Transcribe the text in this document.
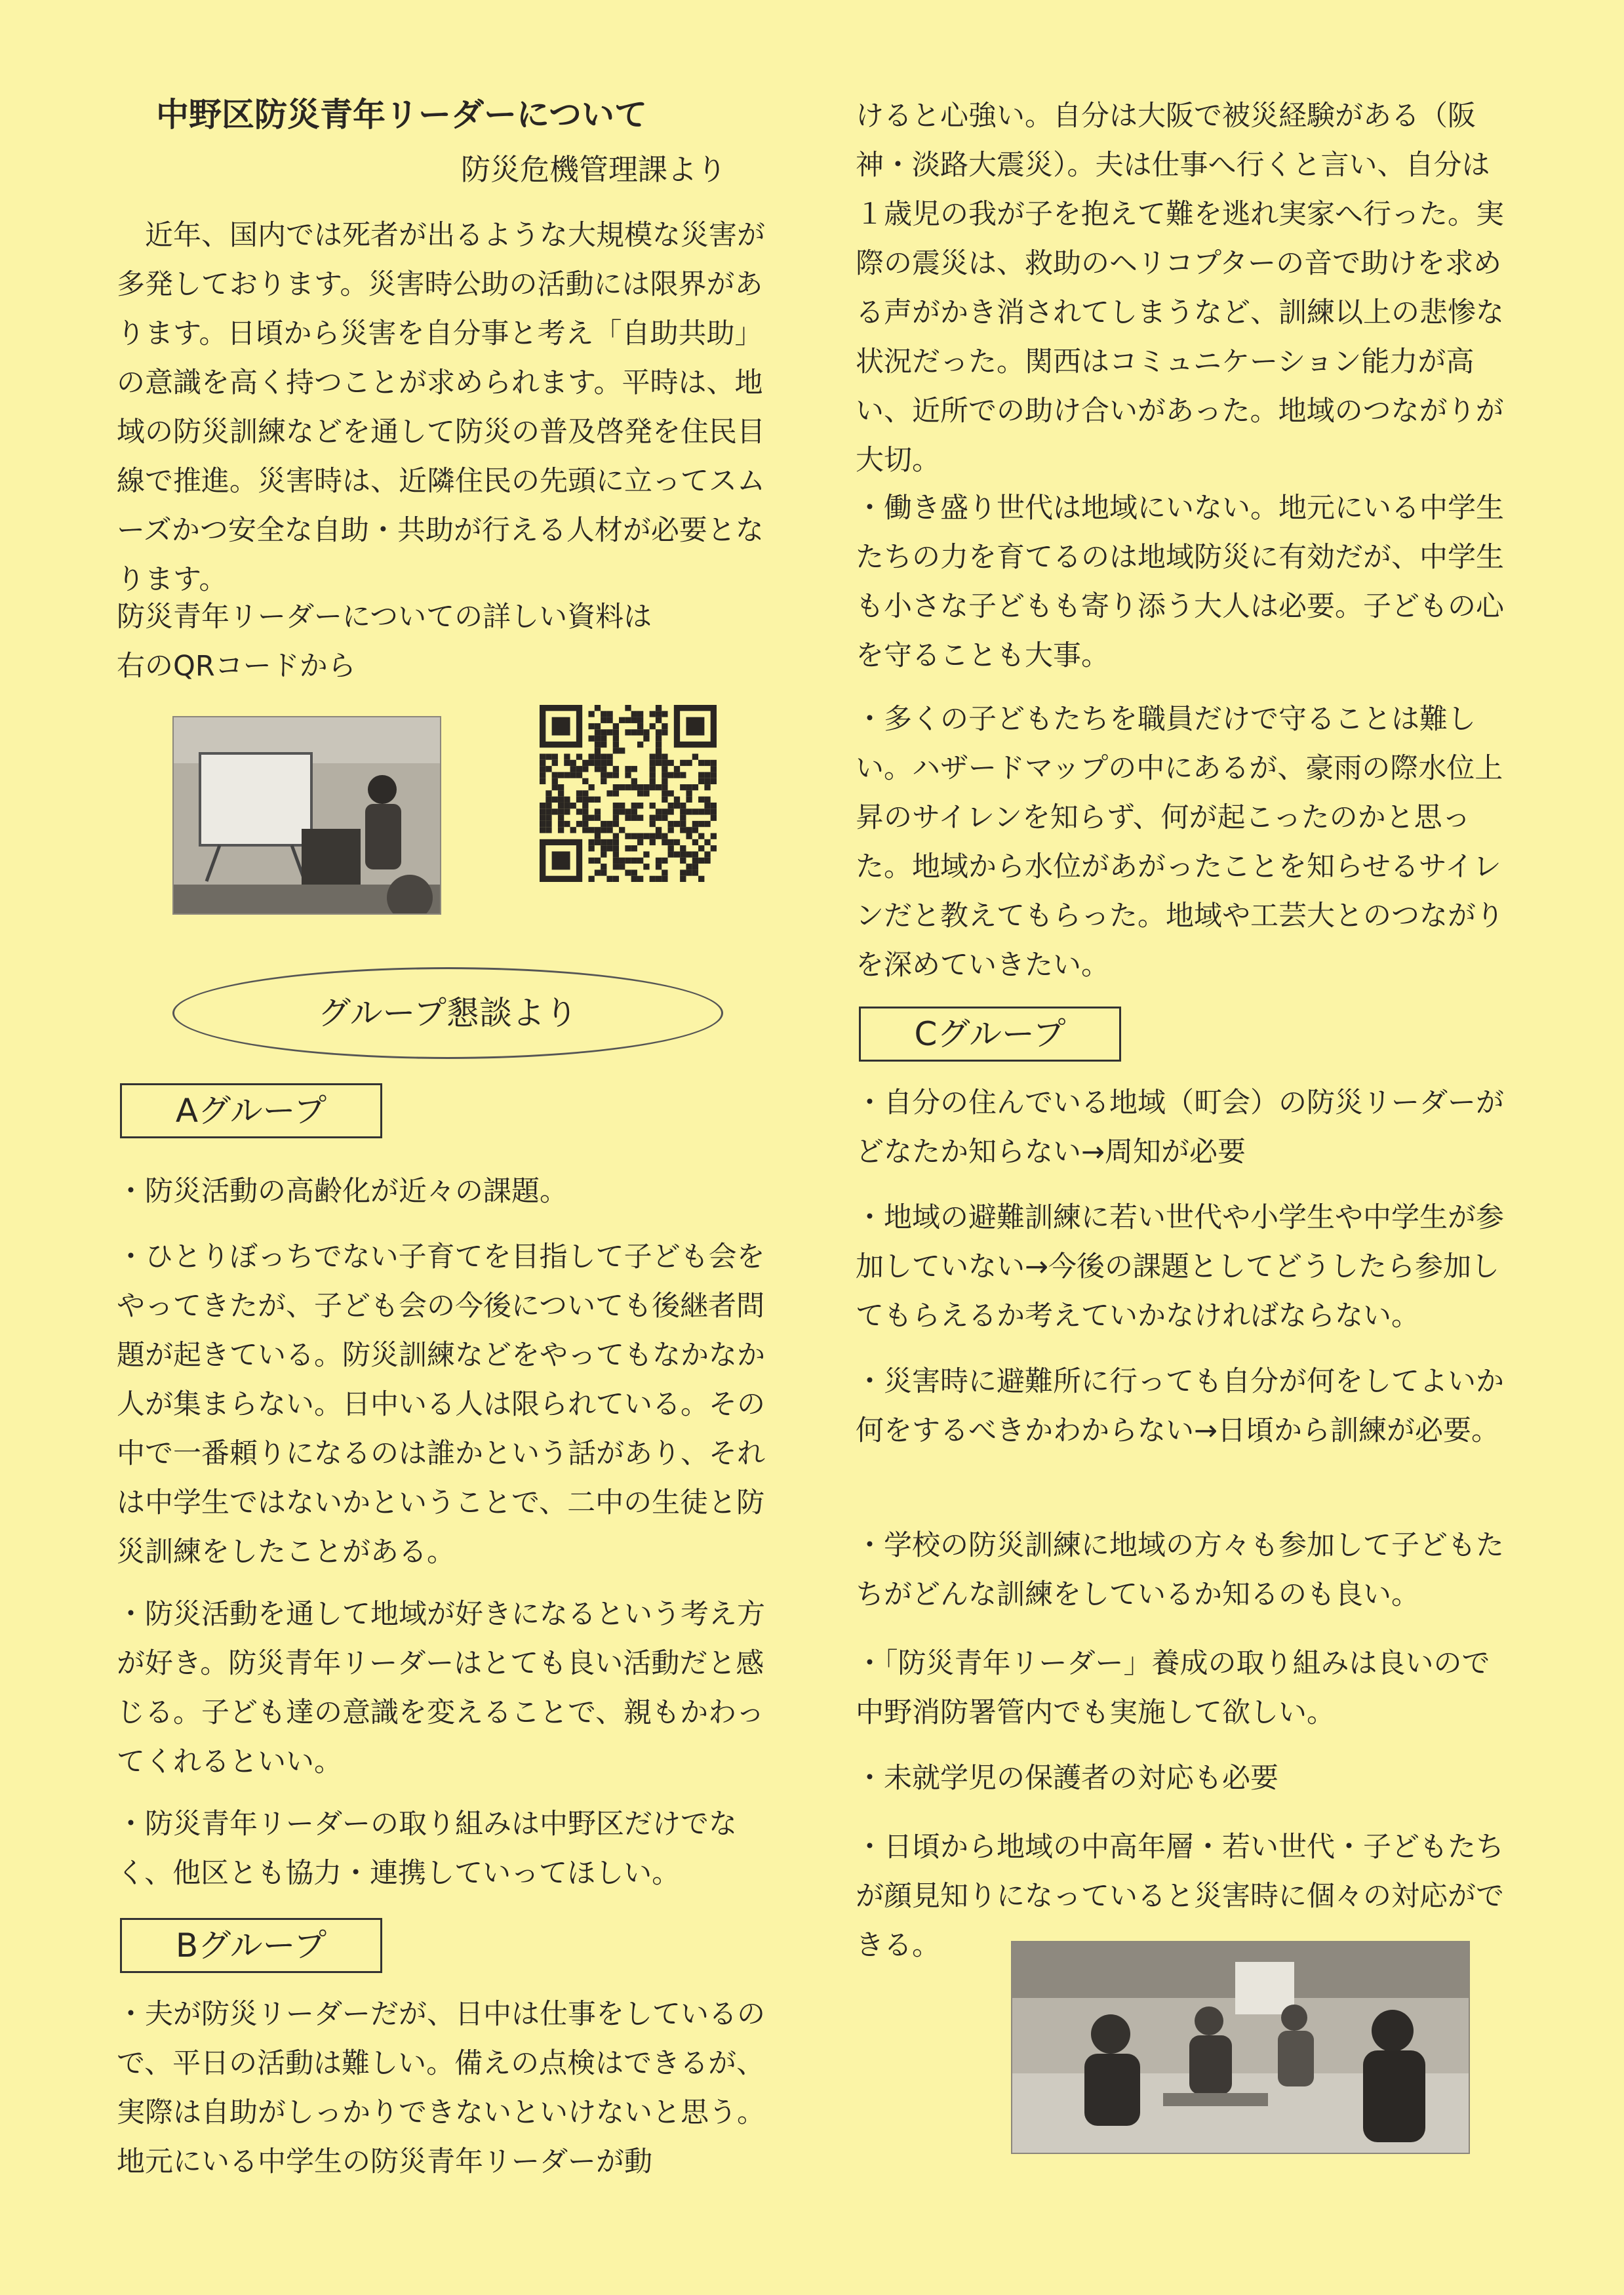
中野区防災青年リーダーについて
防災危機管理課より

　近年、国内では死者が出るような大規模な災害が多発しております。災害時公助の活動には限界があります。日頃から災害を自分事と考え「自助共助」の意識を高く持つことが求められます。平時は、地域の防災訓練などを通して防災の普及啓発を住民目線で推進。災害時は、近隣住民の先頭に立ってスムーズかつ安全な自助・共助が行える人材が必要となります。

防災青年リーダーについての詳しい資料は
右のQRコードから
グループ懇談より
Aグループ

・防災活動の高齢化が近々の課題。

・ひとりぼっちでない子育てを目指して子ども会をやってきたが、子ども会の今後についても後継者問題が起きている。防災訓練などをやってもなかなか人が集まらない。日中いる人は限られている。その中で一番頼りになるのは誰かという話があり、それは中学生ではないかということで、二中の生徒と防災訓練をしたことがある。

・防災活動を通して地域が好きになるという考え方が好き。防災青年リーダーはとても良い活動だと感じる。子ども達の意識を変えることで、親もかわってくれるといい。

・防災青年リーダーの取り組みは中野区だけでなく、他区とも協力・連携していってほしい。

Bグループ
・夫が防災リーダーだが、日中は仕事をしているので、平日の活動は難しい。備えの点検はできるが、実際は自助がしっかりできないといけないと思う。地元にいる中学生の防災青年リーダーが動
けると心強い。自分は大阪で被災経験がある（阪神・淡路大震災）。夫は仕事へ行くと言い、自分は１歳児の我が子を抱えて難を逃れ実家へ行った。実際の震災は、救助のヘリコプターの音で助けを求める声がかき消されてしまうなど、訓練以上の悲惨な状況だった。関西はコミュニケーション能力が高い、近所での助け合いがあった。地域のつながりが大切。

・働き盛り世代は地域にいない。地元にいる中学生たちの力を育てるのは地域防災に有効だが、中学生も小さな子どもも寄り添う大人は必要。子どもの心を守ることも大事。

・多くの子どもたちを職員だけで守ることは難しい。ハザードマップの中にあるが、豪雨の際水位上昇のサイレンを知らず、何が起こったのかと思った。地域から水位があがったことを知らせるサイレンだと教えてもらった。地域や工芸大とのつながりを深めていきたい。

Cグループ

・自分の住んでいる地域（町会）の防災リーダーがどなたか知らない→周知が必要

・地域の避難訓練に若い世代や小学生や中学生が参加していない→今後の課題としてどうしたら参加してもらえるか考えていかなければならない。

・災害時に避難所に行っても自分が何をしてよいか何をするべきかわからない→日頃から訓練が必要。

・学校の防災訓練に地域の方々も参加して子どもたちがどんな訓練をしているか知るのも良い。

・「防災青年リーダー」養成の取り組みは良いので中野消防署管内でも実施して欲しい。

・未就学児の保護者の対応も必要

・日頃から地域の中高年層・若い世代・子どもたちが顔見知りになっていると災害時に個々の対応ができる。
